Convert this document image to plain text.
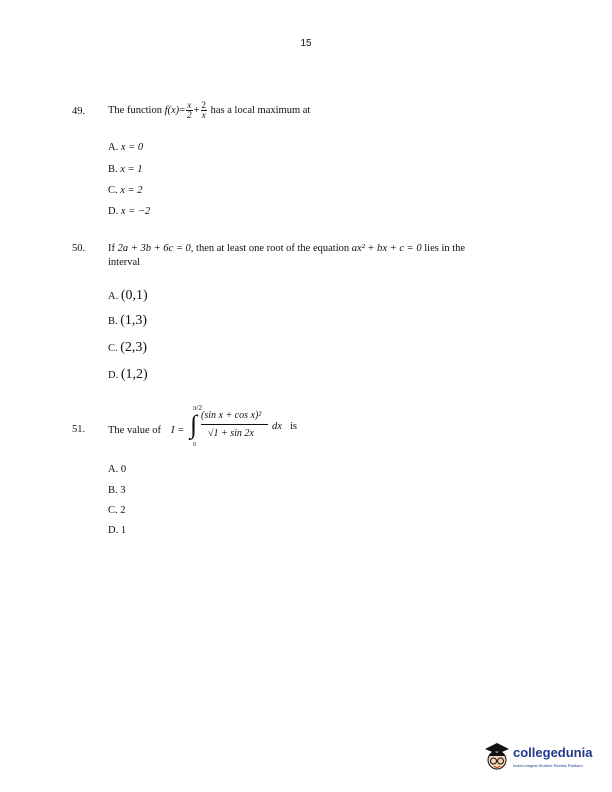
15
49. The function $f(x)= \frac{x}{2} + \frac{2}{x}$ has a local maximum at
A. x = 0
B. x = 1
C. x = 2
D. x = −2
50. If 2a + 3b + 6c = 0, then at least one root of the equation ax² + bx + c = 0 lies in the
interval
A. (0,1)
B. (1,3)
C. (2,3)
D. (1,2)
51. The value of I =
π/2
∫
0
(sin x + cos x)²
√1 + sin 2x
dx is
A. 0
B. 3
C. 2
D. 1
collegedunia
India's largest Student Review Platform
